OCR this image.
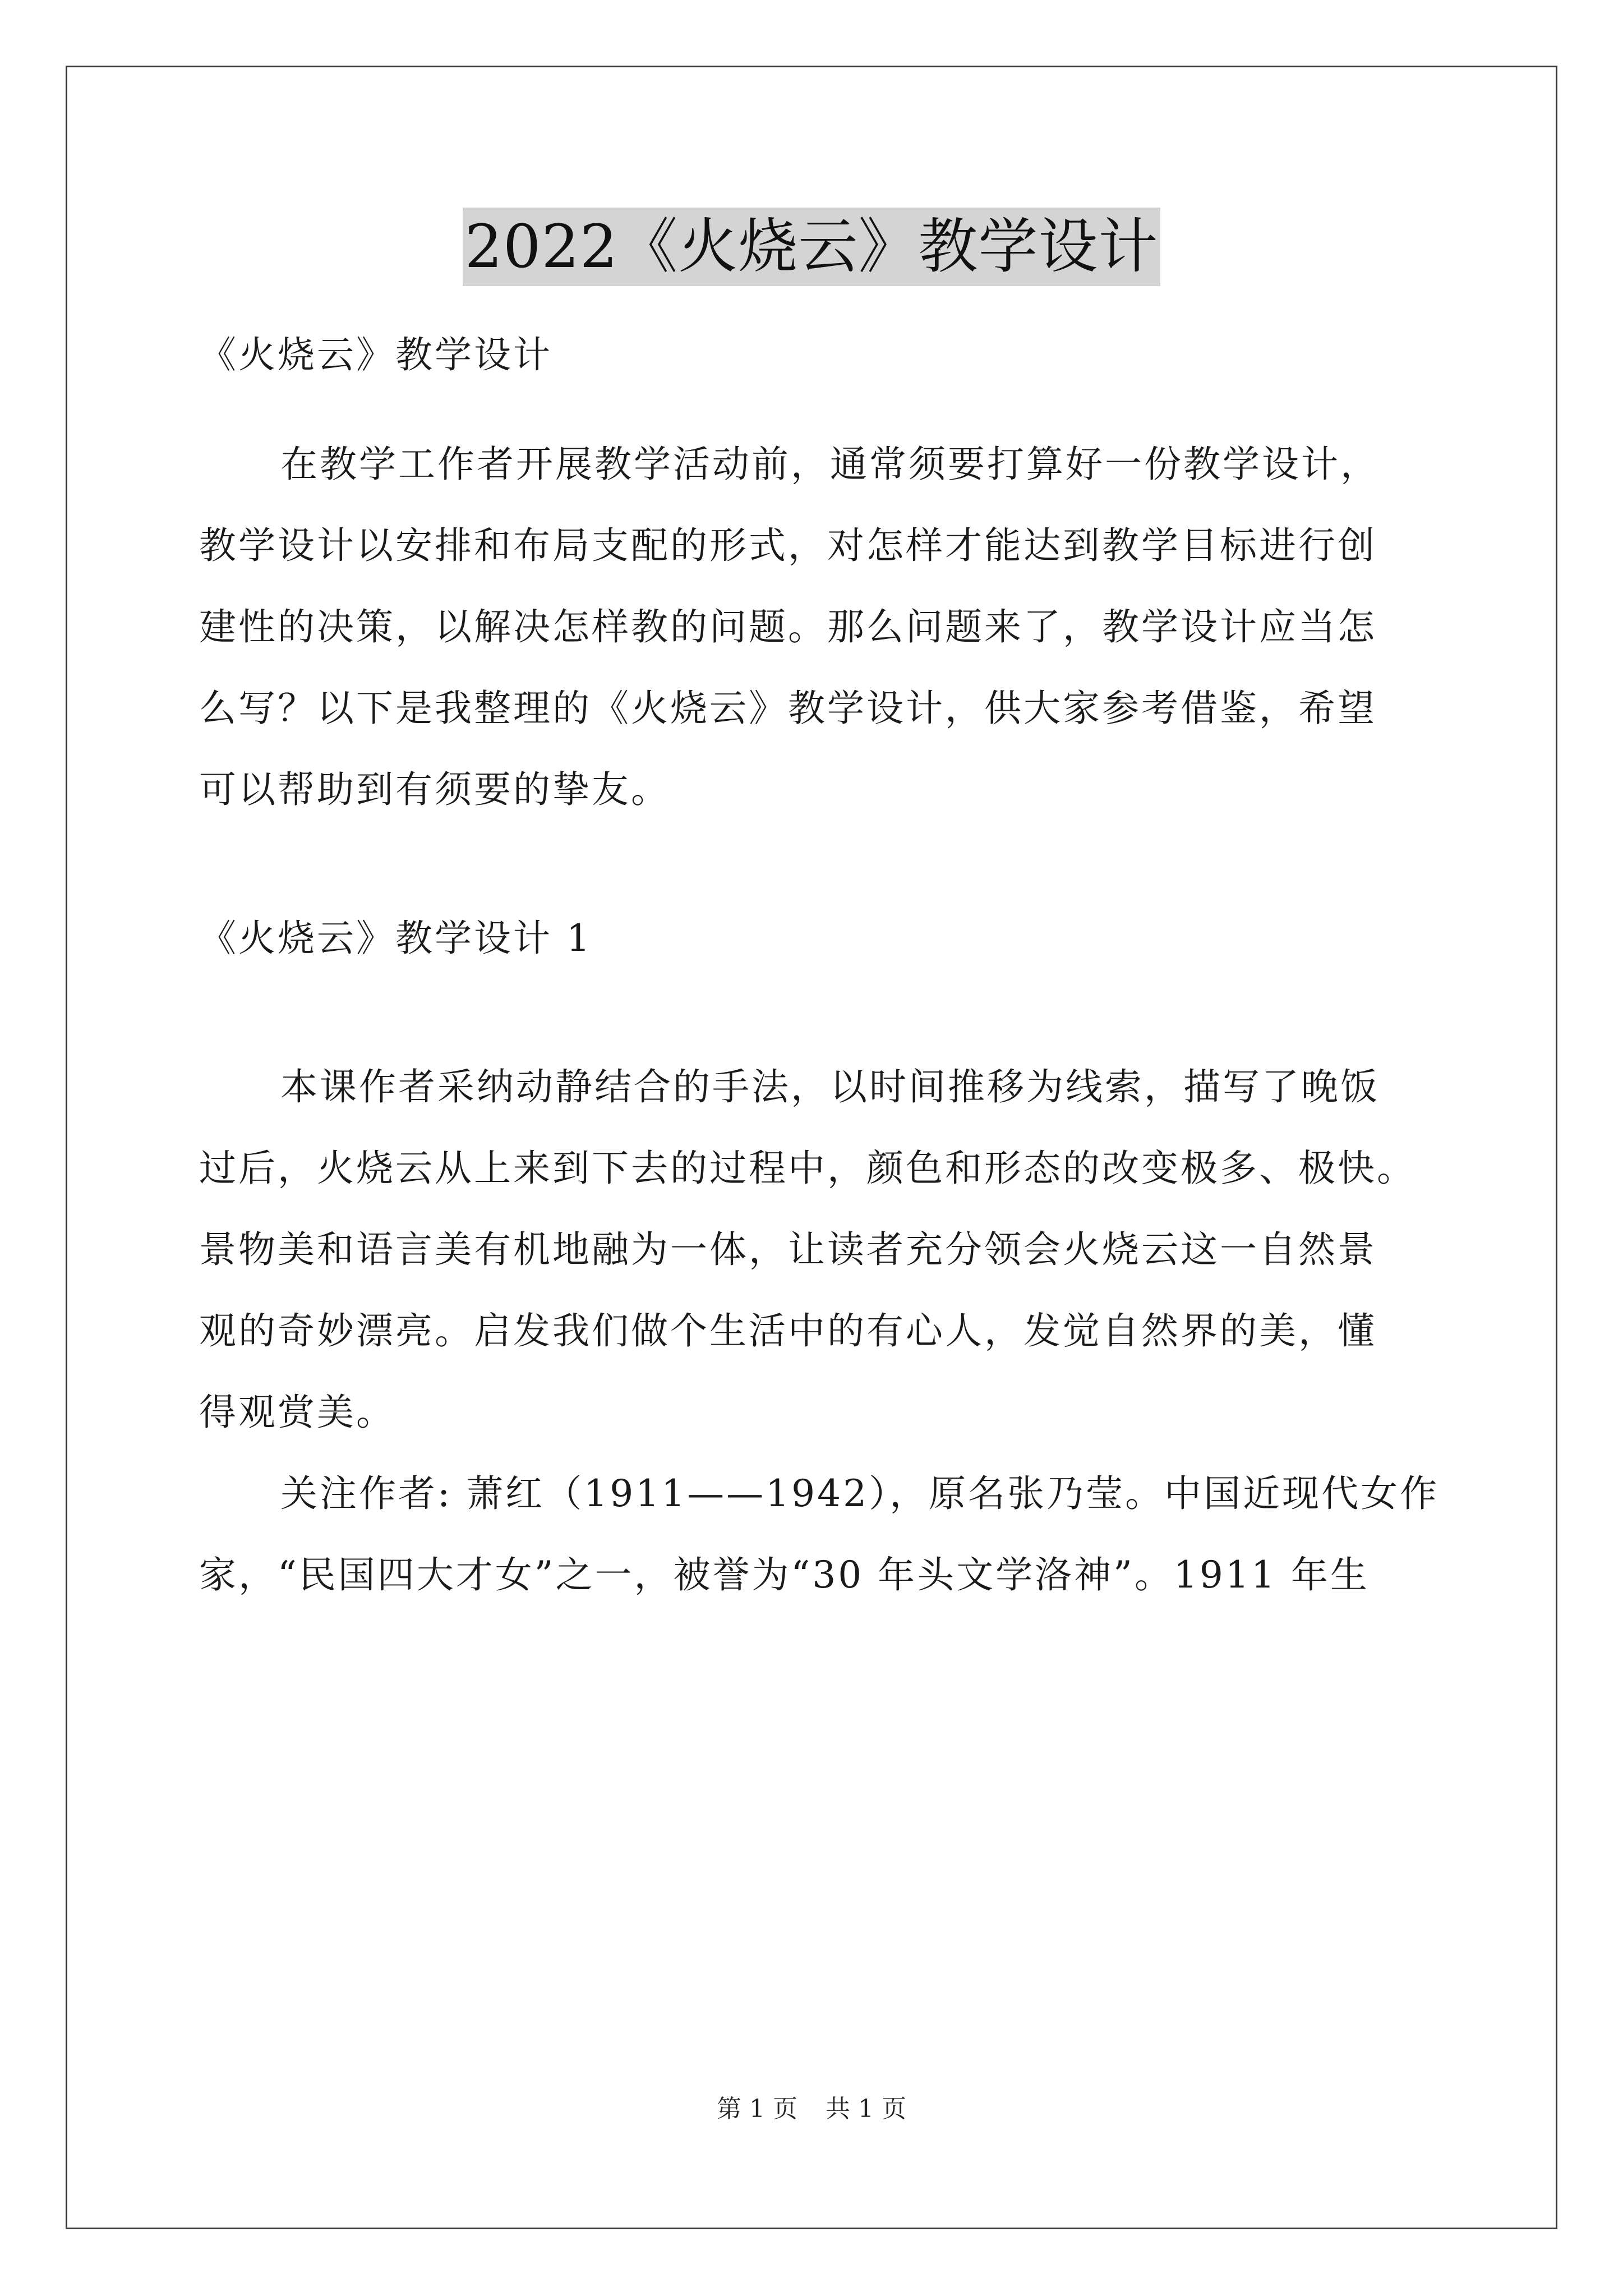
2022《火烧云》教学设计
《火烧云》教学设计
在教学工作者开展教学活动前，通常须要打算好一份教学设计，
教学设计以安排和布局支配的形式，对怎样才能达到教学目标进行创
建性的决策，以解决怎样教的问题。那么问题来了，教学设计应当怎
么写？以下是我整理的《火烧云》教学设计，供大家参考借鉴，希望
可以帮助到有须要的挚友。
《火烧云》教学设计 1
本课作者采纳动静结合的手法，以时间推移为线索，描写了晚饭
过后，火烧云从上来到下去的过程中，颜色和形态的改变极多、极快。
景物美和语言美有机地融为一体，让读者充分领会火烧云这一自然景
观的奇妙漂亮。启发我们做个生活中的有心人，发觉自然界的美，懂
得观赏美。
关注作者: 萧红（1911——1942），原名张乃莹。中国近现代女作
家，“民国四大才女”之一，被誉为“30 年头文学洛神”。1911 年生
第 1 页 共 1 页
